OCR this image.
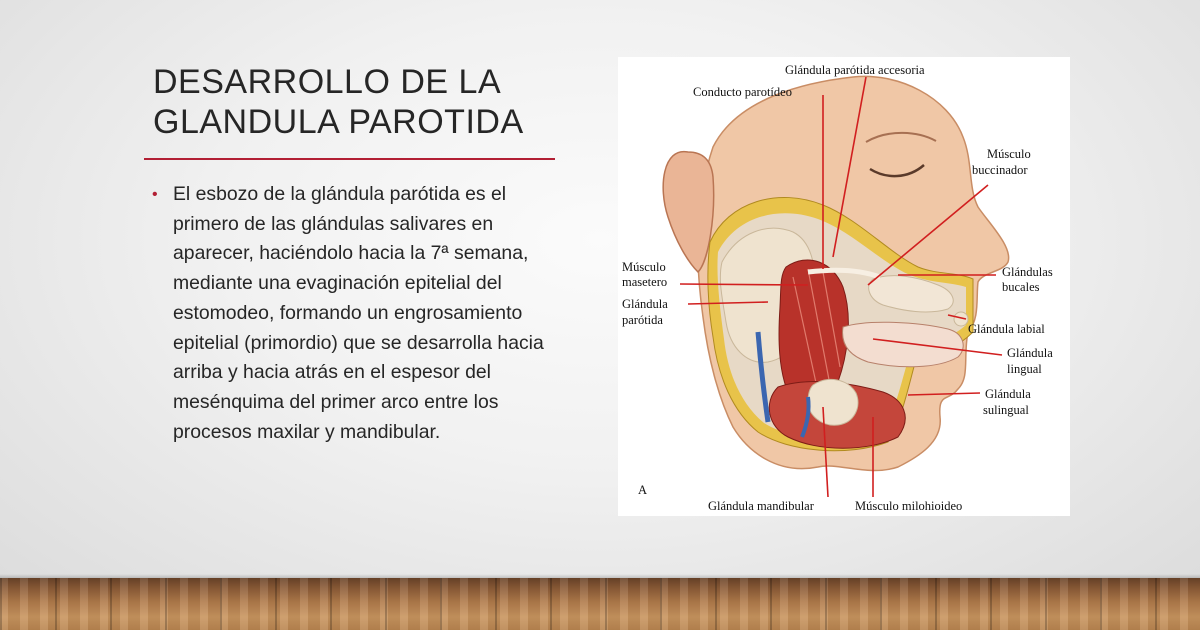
DESARROLLO DE LA
GLANDULA PAROTIDA
• El esbozo de la glándula parótida es el primero de las glándulas salivares en aparecer, haciéndolo hacia la 7ª semana, mediante una evaginación epitelial del estomodeo, formando un engrosamiento epitelial (primordio) que se desarrolla hacia arriba y hacia atrás en el espesor del mesénquima del primer arco entre los procesos maxilar y mandibular.
Glándula parótida accesoria
Conducto parotídeo
Músculo
buccinador
Músculo
masetero
Glándula
parótida
Glándulas
bucales
Glándula labial
Glándula
lingual
Glándula
sulingual
A
Glándula mandibular	Músculo milohioideo
